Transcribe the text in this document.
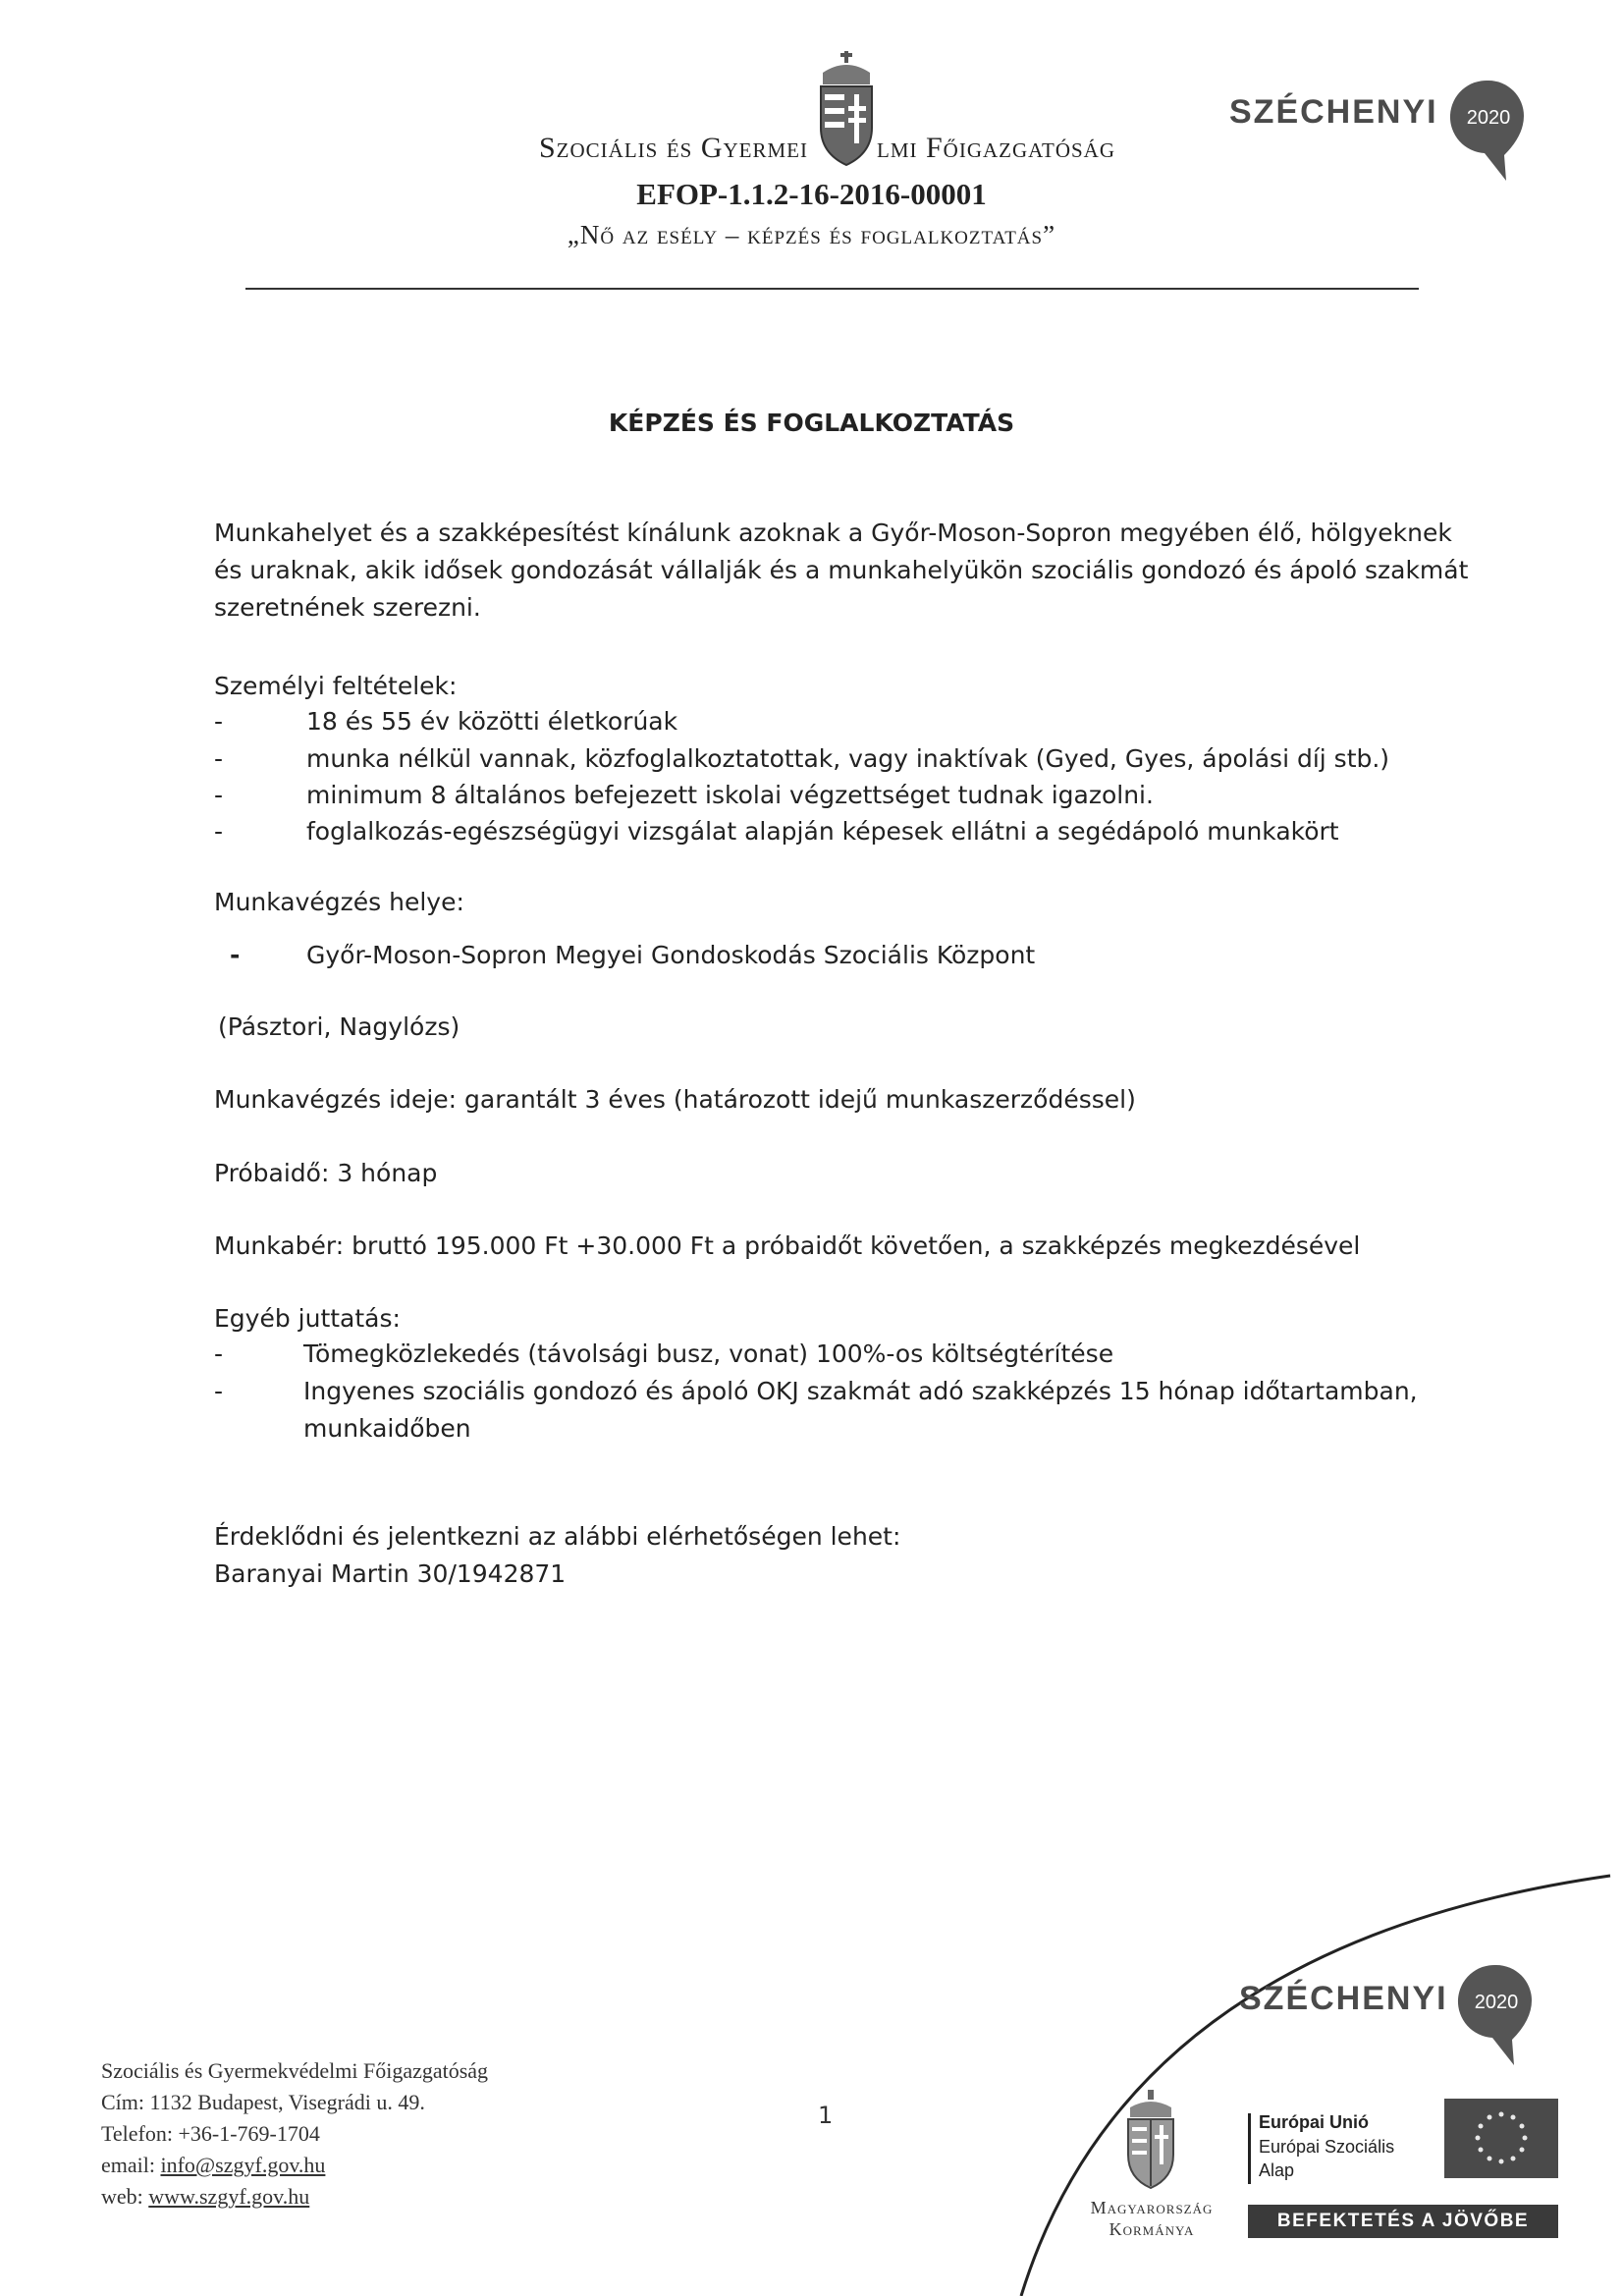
Szociális és Gyermei lmi Főigazgatóság
EFOP-1.1.2-16-2016-00001
„Nő az esély – képzés és foglalkoztatás”
SZÉCHENYI 2020
KÉPZÉS ÉS FOGLALKOZTATÁS
Munkahelyet és a szakképesítést kínálunk azoknak a Győr-Moson-Sopron megyében élő, hölgyeknek
és uraknak, akik idősek gondozását vállalják és a munkahelyükön szociális gondozó és ápoló szakmát
szeretnének szerezni.
Személyi feltételek:
-	18 és 55 év közötti életkorúak
-	munka nélkül vannak, közfoglalkoztatottak, vagy inaktívak (Gyed, Gyes, ápolási díj stb.)
-	minimum 8 általános befejezett iskolai végzettséget tudnak igazolni.
-	foglalkozás-egészségügyi vizsgálat alapján képesek ellátni a segédápoló munkakört
Munkavégzés helye:
-	Győr-Moson-Sopron Megyei Gondoskodás Szociális Központ
(Pásztori, Nagylózs)
Munkavégzés ideje: garantált 3 éves (határozott idejű munkaszerződéssel)
Próbaidő: 3 hónap
Munkabér: bruttó 195.000 Ft +30.000 Ft a próbaidőt követően, a szakképzés megkezdésével
Egyéb juttatás:
-	Tömegközlekedés (távolsági busz, vonat) 100%-os költségtérítése
-	Ingyenes szociális gondozó és ápoló OKJ szakmát adó szakképzés 15 hónap időtartamban,
munkaidőben
Érdeklődni és jelentkezni az alábbi elérhetőségen lehet:
Baranyai Martin 30/1942871
Szociális és Gyermekvédelmi Főigazgatóság
Cím: 1132 Budapest, Visegrádi u. 49.
Telefon: +36-1-769-1704
email: info@szgyf.gov.hu
web: www.szgyf.gov.hu
1
SZÉCHENYI 2020
Magyarország
Kormánya
Európai Unió
Európai Szociális
Alap
BEFEKTETÉS A JÖVŐBE
